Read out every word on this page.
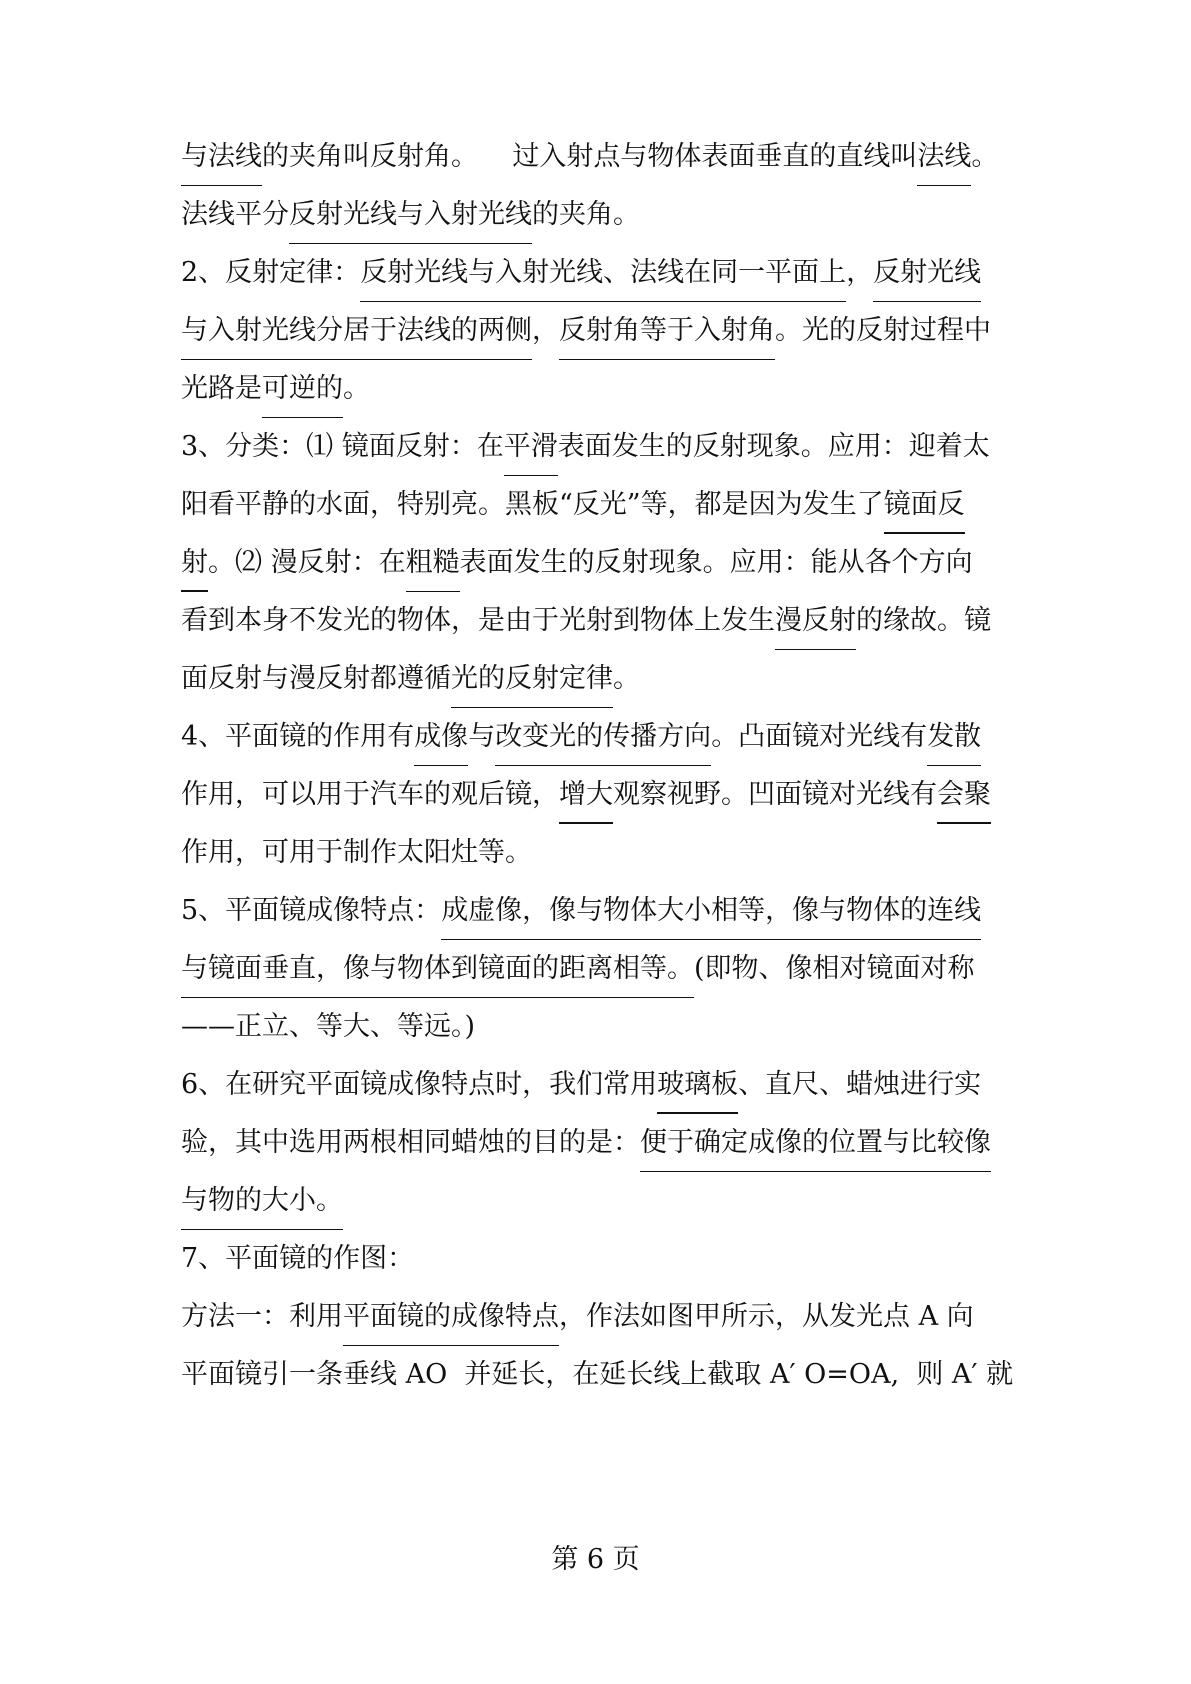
与法线的夹角叫反射角。    过入射点与物体表面垂直的直线叫法线。

法线平分反射光线与入射光线的夹角。

2、反射定律：反射光线与入射光线、法线在同一平面上，反射光线

与入射光线分居于法线的两侧，反射角等于入射角。光的反射过程中

光路是可逆的。

3、分类：⑴ 镜面反射：在平滑表面发生的反射现象。应用：迎着太

阳看平静的水面，特别亮。黑板“反光”等，都是因为发生了镜面反

射。⑵ 漫反射：在粗糙表面发生的反射现象。应用：能从各个方向

看到本身不发光的物体，是由于光射到物体上发生漫反射的缘故。镜

面反射与漫反射都遵循光的反射定律。

4、平面镜的作用有成像与改变光的传播方向。凸面镜对光线有发散

作用，可以用于汽车的观后镜，增大观察视野。凹面镜对光线有会聚

作用，可用于制作太阳灶等。

5、平面镜成像特点：成虚像，像与物体大小相等，像与物体的连线

与镜面垂直，像与物体到镜面的距离相等。(即物、像相对镜面对称

——正立、等大、等远。)

6、在研究平面镜成像特点时，我们常用玻璃板、直尺、蜡烛进行实

验，其中选用两根相同蜡烛的目的是：便于确定成像的位置与比较像

与物的大小。

7、平面镜的作图：

方法一：利用平面镜的成像特点，作法如图甲所示，从发光点 A 向

平面镜引一条垂线 AO  并延长，在延长线上截取 A′ O=OA,  则 A′ 就

第 6 页
